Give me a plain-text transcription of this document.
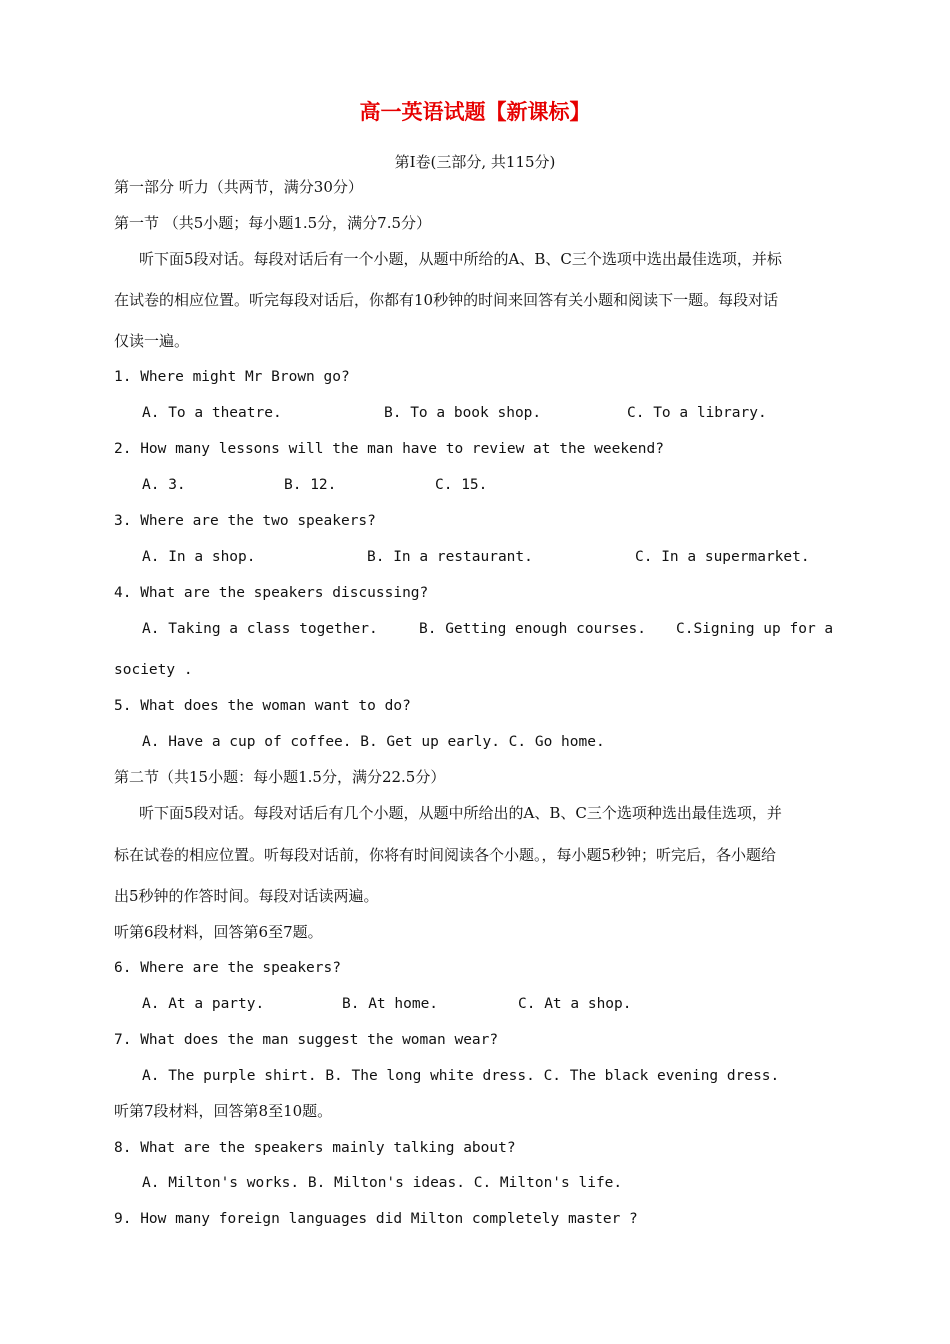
高一英语试题【新课标】
第I卷(三部分, 共115分)
第一部分 听力（共两节，满分30分）
第一节 （共5小题；每小题1.5分，满分7.5分）
听下面5段对话。每段对话后有一个小题，从题中所给的A、B、C三个选项中选出最佳选项，并标
在试卷的相应位置。听完每段对话后，你都有10秒钟的时间来回答有关小题和阅读下一题。每段对话
仅读一遍。
1. Where might Mr Brown go?
A. To a theatre.	B. To a book shop.	C. To a library.
2. How many lessons will the man have to review at the weekend?
A. 3.	B. 12.	C. 15.
3. Where are the two speakers?
A. In a shop.	B. In a restaurant.	C. In a supermarket.
4. What are the speakers discussing?
A. Taking a class together.	B. Getting enough courses. C.Signing up for a
society .
5. What does the woman want to do?
A. Have a cup of coffee. B. Get up early. C. Go home.
第二节（共15小题：每小题1.5分，满分22.5分）
听下面5段对话。每段对话后有几个小题，从题中所给出的A、B、C三个选项种选出最佳选项，并
标在试卷的相应位置。听每段对话前，你将有时间阅读各个小题。，每小题5秒钟；听完后，各小题给
出5秒钟的作答时间。每段对话读两遍。
听第6段材料，回答第6至7题。
6. Where are the speakers?
A. At a party.	B. At home.	C. At a shop.
7. What does the man suggest the woman wear?
A. The purple shirt. B. The long white dress. C. The black evening dress.
听第7段材料，回答第8至10题。
8. What are the speakers mainly talking about?
A. Milton's works. B. Milton's ideas. C. Milton's life.
9. How many foreign languages did Milton completely master ?
